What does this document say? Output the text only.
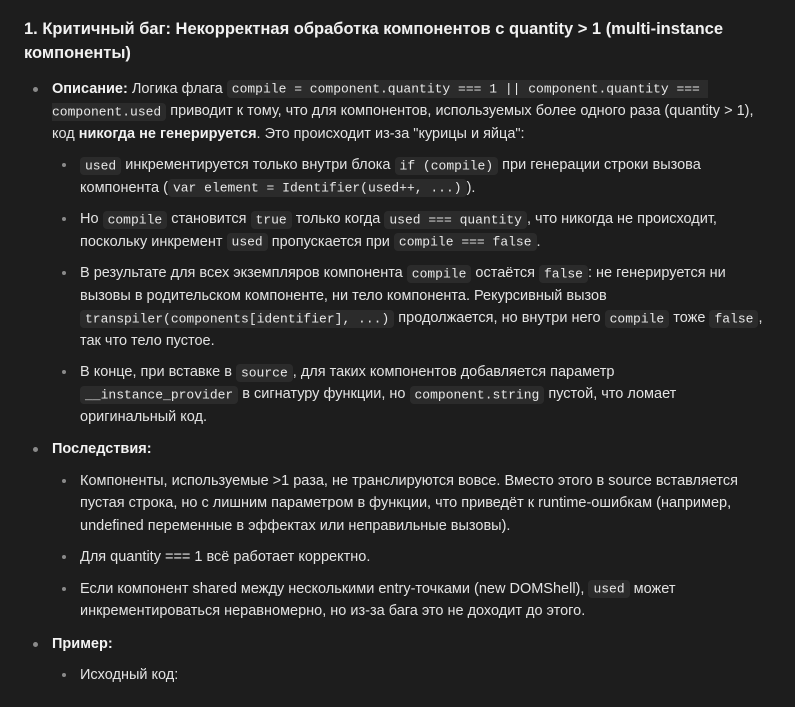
1. Критичный баг: Некорректная обработка компонентов с quantity > 1 (multi-instance компоненты)
Описание: Логика флага compile = component.quantity === 1 || component.quantity === component.used приводит к тому, что для компонентов, используемых более одного раза (quantity > 1), код никогда не генерируется. Это происходит из-за "курицы и яйца":
used инкрементируется только внутри блока if (compile) при генерации строки вызова компонента ( var element = Identifier(used++, ...) ).
Но compile становится true только когда used === quantity , что никогда не происходит, поскольку инкремент used пропускается при compile === false .
В результате для всех экземпляров компонента compile остаётся false : не генерируется ни вызовы в родительском компоненте, ни тело компонента. Рекурсивный вызов transpiler(components[identifier], ...) продолжается, но внутри него compile тоже false , так что тело пустое.
В конце, при вставке в source , для таких компонентов добавляется параметр __instance_provider в сигнатуру функции, но component.string пустой, что ломает оригинальный код.
Последствия:
Компоненты, используемые >1 раза, не транслируются вовсе. Вместо этого в source вставляется пустая строка, но с лишним параметром в функции, что приведёт к runtime-ошибкам (например, undefined переменные в эффектах или неправильные вызовы).
Для quantity === 1 всё работает корректно.
Если компонент shared между несколькими entry-точками (new DOMShell), used может инкрементироваться неравномерно, но из-за бага это не доходит до этого.
Пример:
Исходный код:
